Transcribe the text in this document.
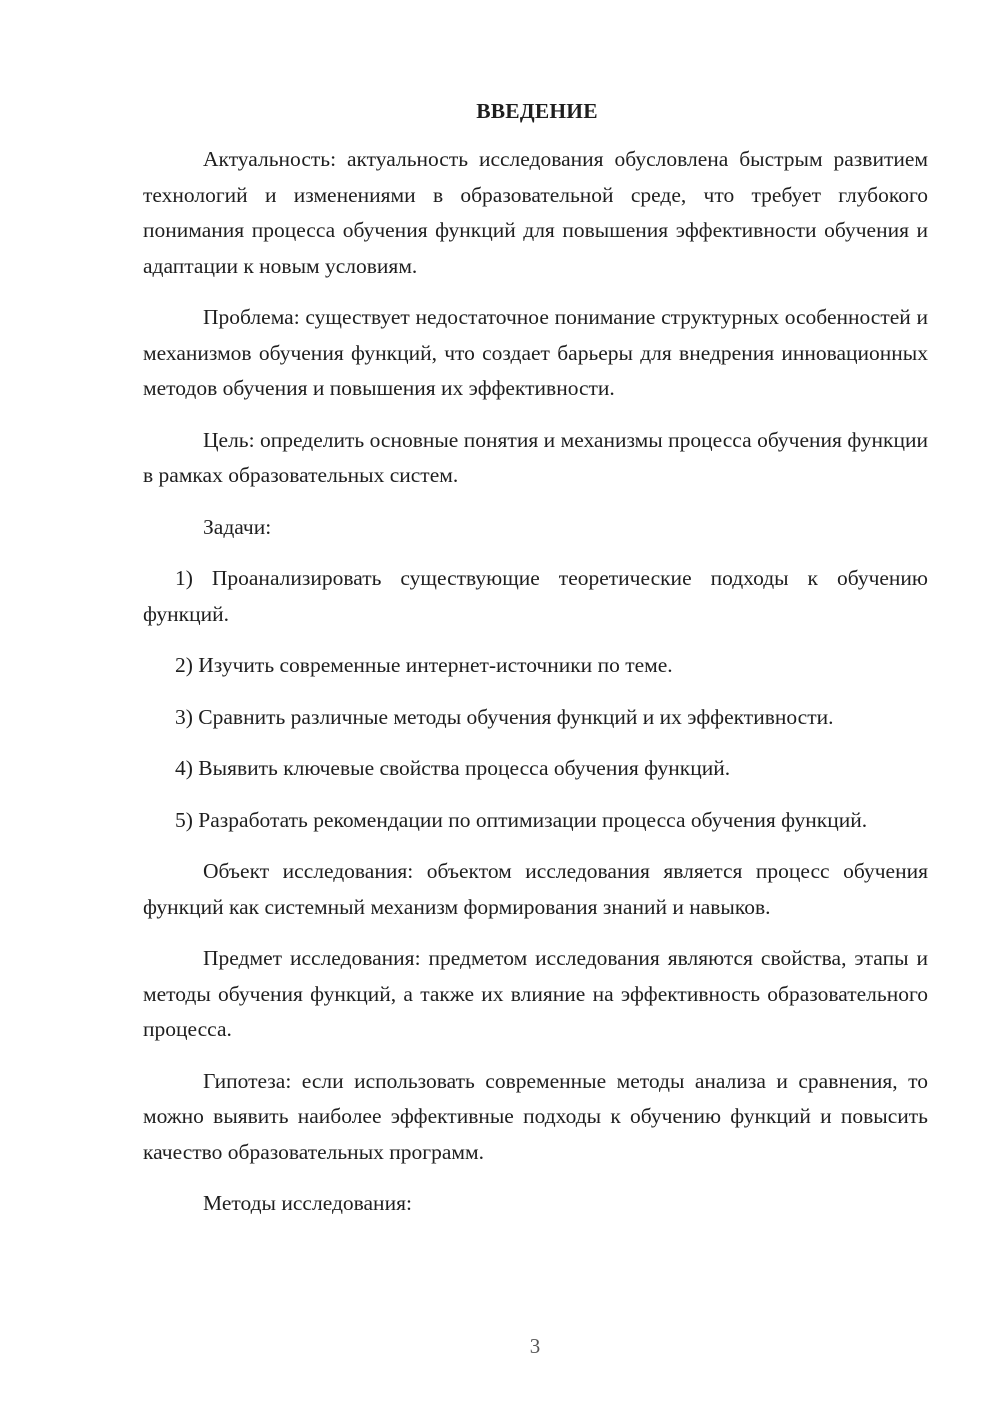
ВВЕДЕНИЕ

Актуальность: актуальность исследования обусловлена быстрым развитием технологий и изменениями в образовательной среде, что требует глубокого понимания процесса обучения функций для повышения эффективности обучения и адаптации к новым условиям.

Проблема: существует недостаточное понимание структурных особенностей и механизмов обучения функций, что создает барьеры для внедрения инновационных методов обучения и повышения их эффективности.

Цель: определить основные понятия и механизмы процесса обучения функции в рамках образовательных систем.

Задачи:

1) Проанализировать существующие теоретические подходы к обучению функций.

2) Изучить современные интернет-источники по теме.

3) Сравнить различные методы обучения функций и их эффективности.

4) Выявить ключевые свойства процесса обучения функций.

5) Разработать рекомендации по оптимизации процесса обучения функций.

Объект исследования: объектом исследования является процесс обучения функций как системный механизм формирования знаний и навыков.

Предмет исследования: предметом исследования являются свойства, этапы и методы обучения функций, а также их влияние на эффективность образовательного процесса.

Гипотеза: если использовать современные методы анализа и сравнения, то можно выявить наиболее эффективные подходы к обучению функций и повысить качество образовательных программ.

Методы исследования:

3
